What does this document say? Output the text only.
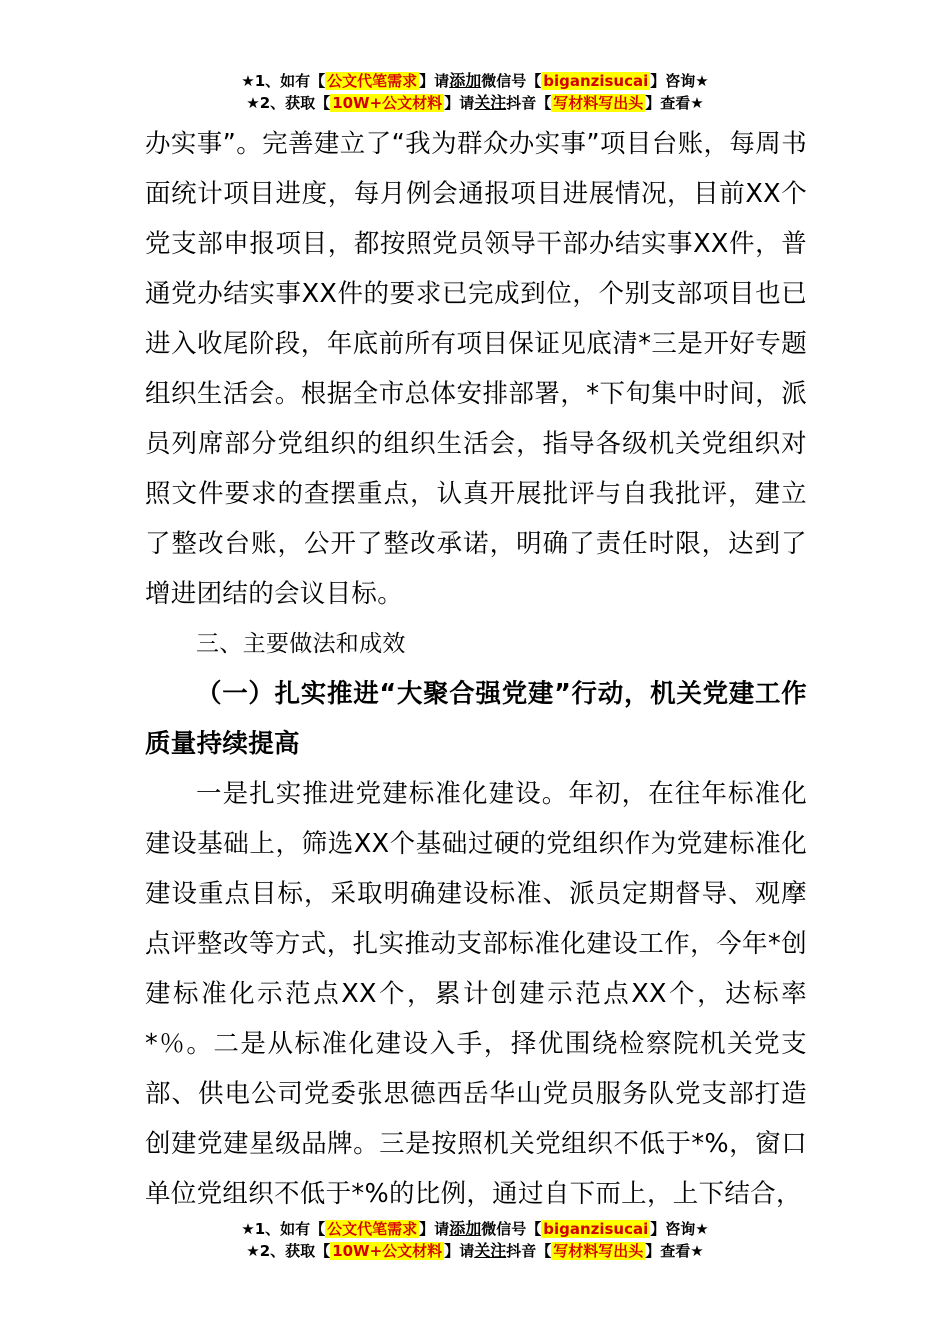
★1、如有【 公文代笔需求 】请添加微信号【 biganzisucai 】咨询★
★2、获取【 10W+公文材料 】请关注抖音【 写材料写出头 】查看★

办实事”。完善建立了“我为群众办实事”项目台账，每周书面统计项目进度，每月例会通报项目进展情况，目前XX个党支部申报项目，都按照党员领导干部办结实事XX件，普通党办结实事XX件的要求已完成到位，个别支部项目也已进入收尾阶段，年底前所有项目保证见底清*三是开好专题组织生活会。根据全市总体安排部署，*下旬集中时间，派员列席部分党组织的组织生活会，指导各级机关党组织对照文件要求的查摆重点，认真开展批评与自我批评，建立了整改台账，公开了整改承诺，明确了责任时限，达到了增进团结的会议目标。

三、主要做法和成效

（一）扎实推进“大聚合强党建”行动，机关党建工作质量持续提高

一是扎实推进党建标准化建设。年初，在往年标准化建设基础上，筛选XX个基础过硬的党组织作为党建标准化建设重点目标，采取明确建设标准、派员定期督导、观摩点评整改等方式，扎实推动支部标准化建设工作，今年*创建标准化示范点XX个，累计创建示范点XX个，达标率*％。二是从标准化建设入手，择优围绕检察院机关党支部、供电公司党委张思德西岳华山党员服务队党支部打造创建党建星级品牌。三是按照机关党组织不低于*%，窗口单位党组织不低于*%的比例，通过自下而上，上下结合，

★1、如有【 公文代笔需求 】请添加微信号【 biganzisucai 】咨询★
★2、获取【 10W+公文材料 】请关注抖音【 写材料写出头 】查看★
